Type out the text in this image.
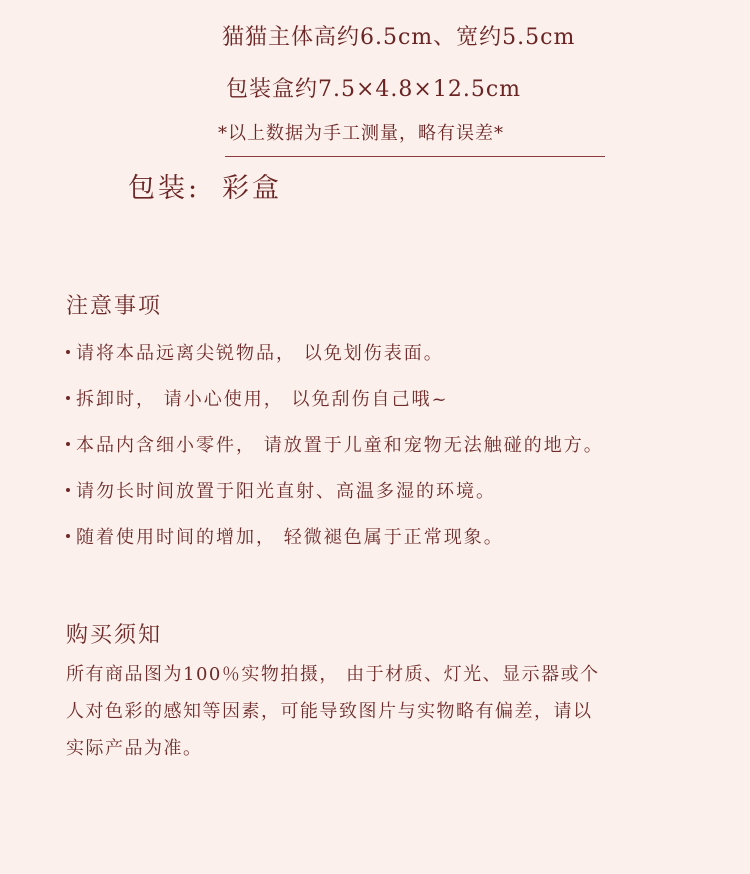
猫猫主体高约6.5cm、宽约5.5cm
包装盒约7.5×4.8×12.5cm
*以上数据为手工测量，略有误差*
包装: 彩盒
注意事项
请将本品远离尖锐物品， 以免划伤表面。
拆卸时， 请小心使用， 以免刮伤自己哦~
本品内含细小零件， 请放置于儿童和宠物无法触碰的地方。
请勿长时间放置于阳光直射、高温多湿的环境。
随着使用时间的增加， 轻微褪色属于正常现象。
购买须知
所有商品图为100％实物拍摄， 由于材质、灯光、显示器或个
人对色彩的感知等因素，可能导致图片与实物略有偏差，请以
实际产品为准。
